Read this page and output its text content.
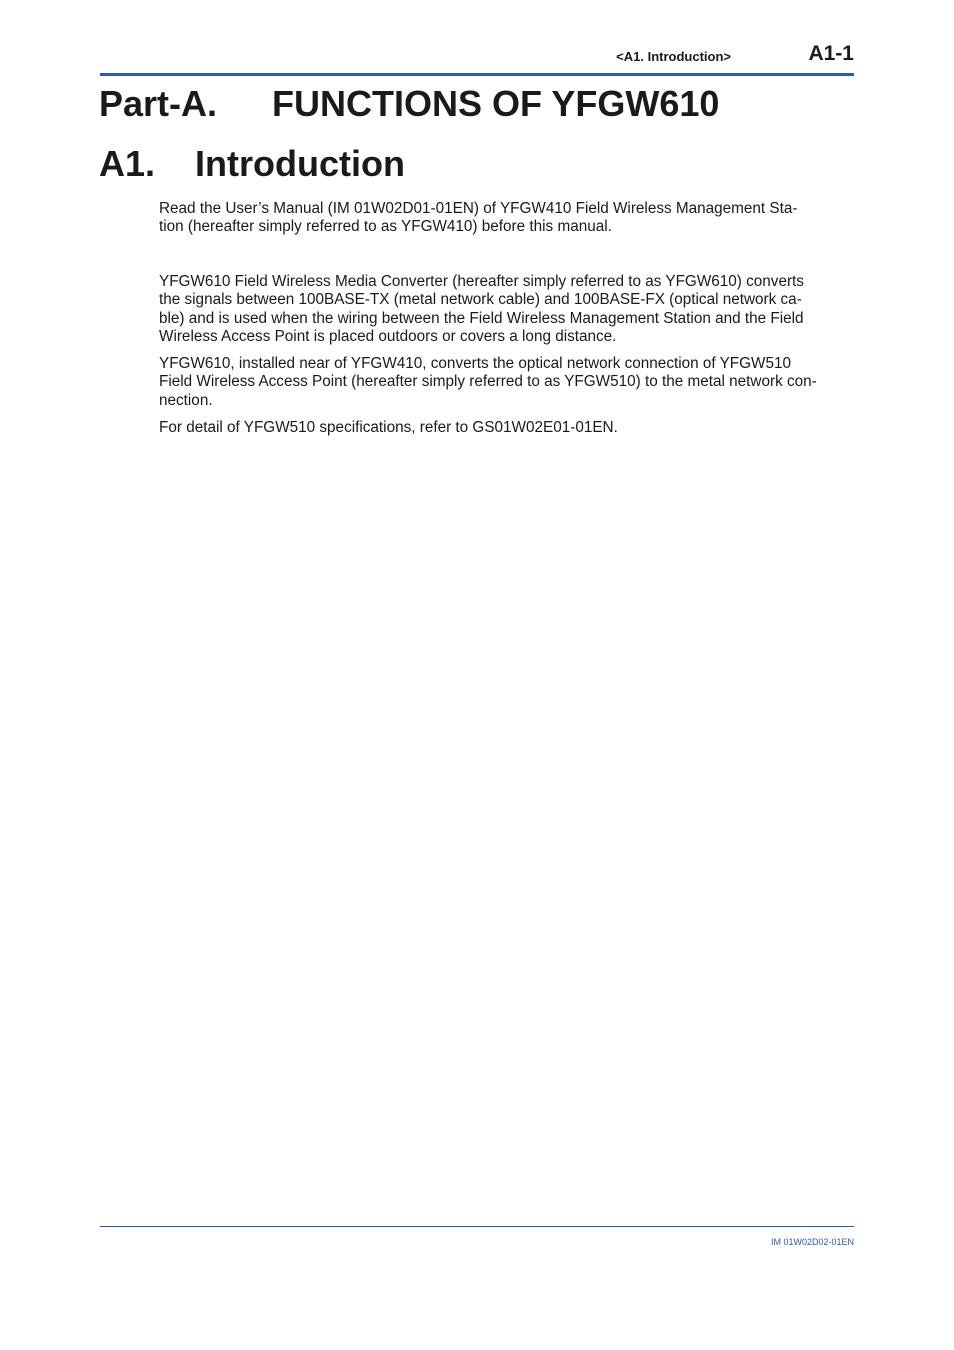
<A1. Introduction>	A1-1
Part-A. FUNCTIONS OF YFGW610
A1. Introduction

Read the User’s Manual (IM 01W02D01-01EN) of YFGW410 Field Wireless Management Sta-
tion (hereafter simply referred to as YFGW410) before this manual.

YFGW610 Field Wireless Media Converter (hereafter simply referred to as YFGW610) converts
the signals between 100BASE-TX (metal network cable) and 100BASE-FX (optical network ca-
ble) and is used when the wiring between the Field Wireless Management Station and the Field
Wireless Access Point is placed outdoors or covers a long distance.

YFGW610, installed near of YFGW410, converts the optical network connection of YFGW510
Field Wireless Access Point (hereafter simply referred to as YFGW510) to the metal network con-
nection.

For detail of YFGW510 specifications, refer to GS01W02E01-01EN.

IM 01W02D02-01EN
